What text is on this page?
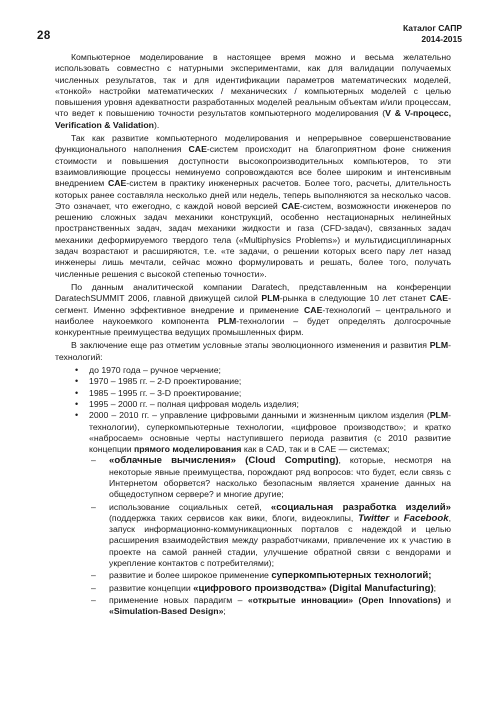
28
Каталог САПР
2014-2015

Компьютерное моделирование в настоящее время можно и весьма желательно использовать совместно с натурными экспериментами, как для валидации получаемых численных результатов, так и для идентификации параметров математических моделей, «тонкой» настройки математических / механических / компьютерных моделей с целью повышения уровня адекватности разработанных моделей реальным объектам и/или процессам, что ведет к повышению точности результатов компьютерного моделирования (V & V-процесс, Verification & Validation).

Так как развитие компьютерного моделирования и непрерывное совершенствование функционального наполнения CAE-систем происходит на благоприятном фоне снижения стоимости и повышения доступности высокопроизводительных компьютеров, то эти взаимовлияющие процессы неминуемо сопровождаются все более широким и интенсивным внедрением CAE-систем в практику инженерных расчетов. Более того, расчеты, длительность которых ранее составляла несколько дней или недель, теперь выполняются за несколько часов. Это означает, что ежегодно, с каждой новой версией CAE-систем, возможности инженеров по решению сложных задач механики конструкций, особенно нестационарных нелинейных пространственных задач, задач механики жидкости и газа (CFD-задач), связанных задач механики деформируемого твердого тела («Multiphysics Problems») и мультидисциплинарных задач возрастают и расширяются, т.е. «те задачи, о решении которых всего пару лет назад инженеры лишь мечтали, сейчас можно формулировать и решать, более того, получать численные решения с высокой степенью точности».

По данным аналитической компании Daratech, представленным на конференции DaratechSUMMIT 2006, главной движущей силой PLM-рынка в следующие 10 лет станет CAE-сегмент. Именно эффективное внедрение и применение CAE-технологий – центрального и наиболее наукоемкого компонента PLM-технологии – будет определять долгосрочные конкурентные преимущества ведущих промышленных фирм.

В заключение еще раз отметим условные этапы эволюционного изменения и развития PLM-технологий:

• до 1970 года – ручное черчение;
• 1970 – 1985 гг. – 2-D проектирование;
• 1985 – 1995 гг. – 3-D проектирование;
• 1995 – 2000 гг. – полная цифровая модель изделия;
• 2000 – 2010 гг. – управление цифровыми данными и жизненным циклом изделия (PLM-технологии), суперкомпьютерные технологии, «цифровое производство»; и кратко «набросаем» основные черты наступившего периода развития (с 2010 развитие концепции прямого моделирования как в CAD, так и в CAE — системах;
– «облачные вычисления» (Cloud Computing), которые, несмотря на некоторые явные преимущества, порождают ряд вопросов: что будет, если связь с Интернетом оборвется? насколько безопасным является хранение данных на общедоступном сервере? и многие другие;
– использование социальных сетей, «социальная разработка изделий» (поддержка таких сервисов как вики, блоги, видеоклипы, Twitter и Facebook, запуск информационно-коммуникационных порталов с надеждой и целью расширения взаимодействия между разработчиками, привлечение их к участию в проекте на самой ранней стадии, улучшение обратной связи с вендорами и укрепление контактов с потребителями);
– развитие и более широкое применение суперкомпьютерных технологий;
– развитие концепции «цифрового производства» (Digital Manufacturing);
– применение новых парадигм – «открытые инновации» (Open Innovations) и «Simulation-Based Design»;
